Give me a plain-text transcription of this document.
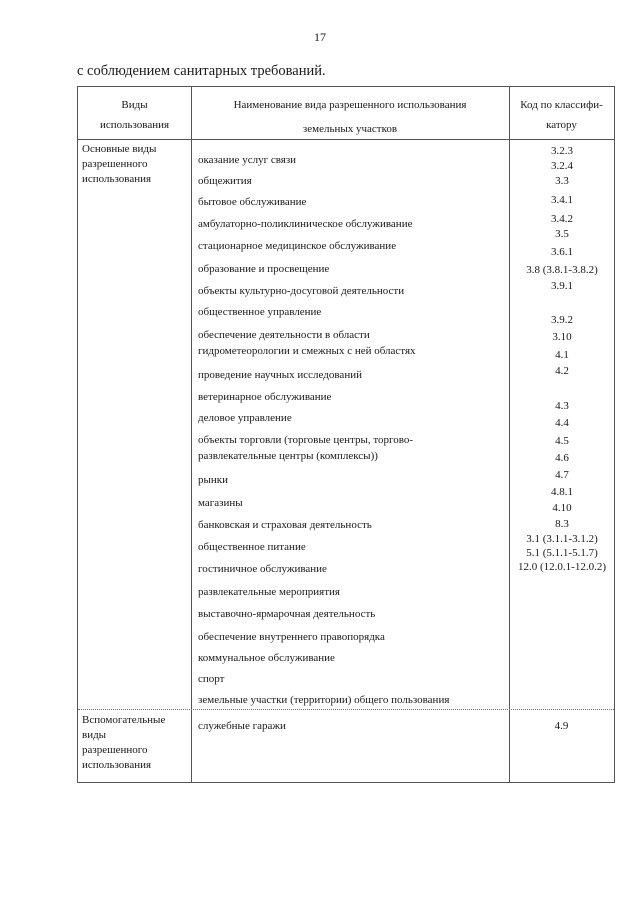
17
с соблюдением санитарных требований.
Виды
использования
Наименование вида разрешенного использования
земельных участков
Код по классифи-
катору
Основные виды
разрешенного
использования
оказание услуг связи
общежития
бытовое обслуживание
амбулаторно-поликлиническое обслуживание
стационарное медицинское обслуживание
образование и просвещение
объекты культурно-досуговой деятельности
общественное управление
обеспечение деятельности в области
гидрометеорологии и смежных с ней областях
проведение научных исследований
ветеринарное обслуживание
деловое управление
объекты торговли (торговые центры, торгово-
развлекательные центры (комплексы))
рынки
магазины
банковская и страховая деятельность
общественное питание
гостиничное обслуживание
развлекательные мероприятия
выставочно-ярмарочная деятельность
обеспечение внутреннего правопорядка
коммунальное обслуживание
спорт
земельные участки (территории) общего пользования
3.2.3
3.2.4
3.3
3.4.1
3.4.2
3.5
3.6.1
3.8 (3.8.1-3.8.2)
3.9.1
3.9.2
3.10
4.1
4.2
4.3
4.4
4.5
4.6
4.7
4.8.1
4.10
8.3
3.1 (3.1.1-3.1.2)
5.1 (5.1.1-5.1.7)
12.0 (12.0.1-12.0.2)
Вспомогательные
виды
разрешенного
использования
служебные гаражи	4.9
